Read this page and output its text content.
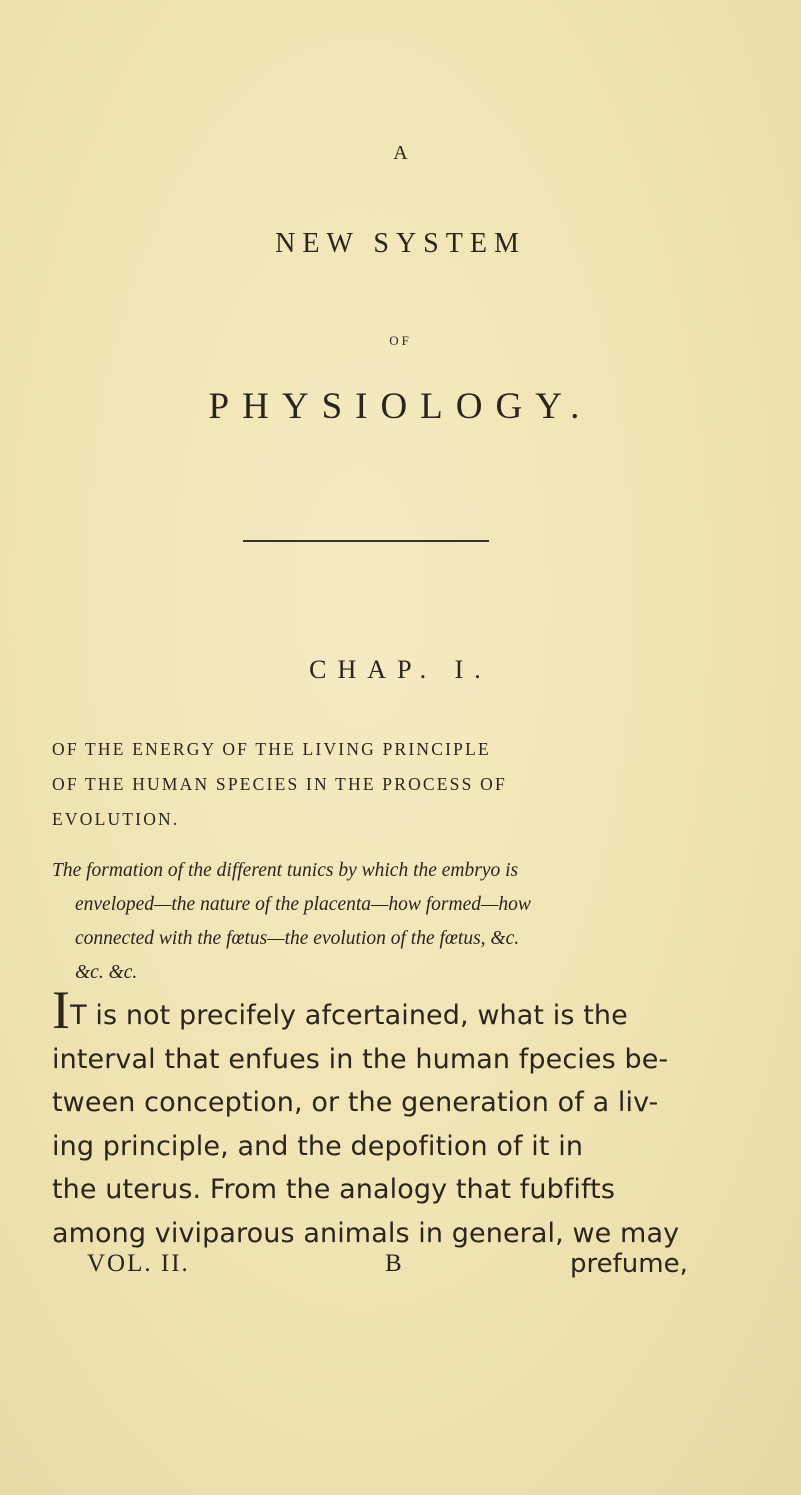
A
NEW SYSTEM
OF
PHYSIOLOGY.
CHAP. I.
OF THE ENERGY OF THE LIVING PRINCIPLE
OF THE HUMAN SPECIES IN THE PROCESS OF
EVOLUTION.
The formation of the different tunics by which the embryo is
enveloped—the nature of the placenta—how formed—how
connected with the fœtus—the evolution of the fœtus, &c.
&c. &c.
IT is not precifely afcertained, what is the
interval that enfues in the human fpecies be-
tween conception, or the generation of a liv-
ing principle, and the depofition of it in
the uterus. From the analogy that fubfifts
among viviparous animals in general, we may
VOL. II.	B	prefume,
